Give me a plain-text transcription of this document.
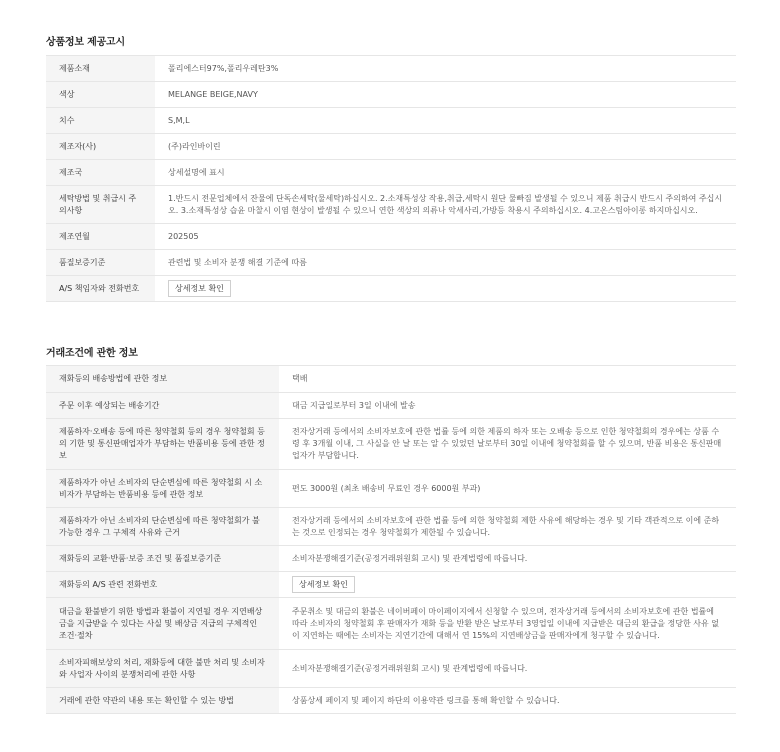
상품정보 제공고시
제품소재	폴리에스터97%,폴리우레탄3%
색상	MELANGE BEIGE,NAVY
치수	S,M,L
제조자(사)	(주)라인바이린
제조국	상세설명에 표시
세탁방법 및 취급시 주의사항	1.반드시 전문업체에서 잔물에 단독손세탁(물세탁)하십시오. 2.소재특성상 작용,취급,세탁시 원단 물빠짐 발생될 수 있으니 제품 취급시 반드시 주의하여 주십시오. 3.소재특성상 습윤 마찰시 이염 현상이 발생될 수 있으니 연한 색상의 의류나 악세사리,가방등 착용시 주의하십시오. 4.고온스팀아이롱 하지마십시오.
제조연월	202505
품질보증기준	관련법 및 소비자 분쟁 해결 기준에 따름
A/S 책임자와 전화번호	상세정보 확인
거래조건에 관한 정보
재화등의 배송방법에 관한 정보	택배
주문 이후 예상되는 배송기간	대금 지급일로부터 3일 이내에 발송
제품하자·오배송 등에 따른 청약철회 등의 경우 청약철회 등의 기한 및 통신판매업자가 부담하는 반품비용 등에 관한 정보	전자상거래 등에서의 소비자보호에 관한 법률 등에 의한 제품의 하자 또는 오배송 등으로 인한 청약철회의 경우에는 상품 수령 후 3개월 이내, 그 사실을 안 날 또는 알 수 있었던 날로부터 30일 이내에 청약철회를 할 수 있으며, 반품 비용은 통신판매업자가 부담합니다.
제품하자가 아닌 소비자의 단순변심에 따른 청약철회 시 소비자가 부담하는 반품비용 등에 관한 정보	편도 3000원 (최초 배송비 무료인 경우 6000원 부과)
제품하자가 아닌 소비자의 단순변심에 따른 청약철회가 불가능한 경우 그 구체적 사유와 근거	전자상거래 등에서의 소비자보호에 관한 법률 등에 의한 청약철회 제한 사유에 해당하는 경우 및 기타 객관적으로 이에 준하는 것으로 인정되는 경우 청약철회가 제한될 수 있습니다.
재화등의 교환·반품·보증 조건 및 품질보증기준	소비자분쟁해결기준(공정거래위원회 고시) 및 관계법령에 따릅니다.
재화등의 A/S 관련 전화번호	상세정보 확인
대금을 환불받기 위한 방법과 환불이 지연될 경우 지연배상금을 지급받을 수 있다는 사실 및 배상금 지급의 구체적인 조건·절차	주문취소 및 대금의 환불은 네이버페이 마이페이지에서 신청할 수 있으며, 전자상거래 등에서의 소비자보호에 관한 법률에 따라 소비자의 청약철회 후 판매자가 재화 등을 반환 받은 날로부터 3영업일 이내에 지급받은 대금의 환급을 정당한 사유 없이 지연하는 때에는 소비자는 지연기간에 대해서 연 15%의 지연배상금을 판매자에게 청구할 수 있습니다.
소비자피해보상의 처리, 재화등에 대한 불만 처리 및 소비자와 사업자 사이의 분쟁처리에 관한 사항	소비자분쟁해결기준(공정거래위원회 고시) 및 관계법령에 따릅니다.
거래에 관한 약관의 내용 또는 확인할 수 있는 방법	상품상세 페이지 및 페이지 하단의 이용약관 링크를 통해 확인할 수 있습니다.
